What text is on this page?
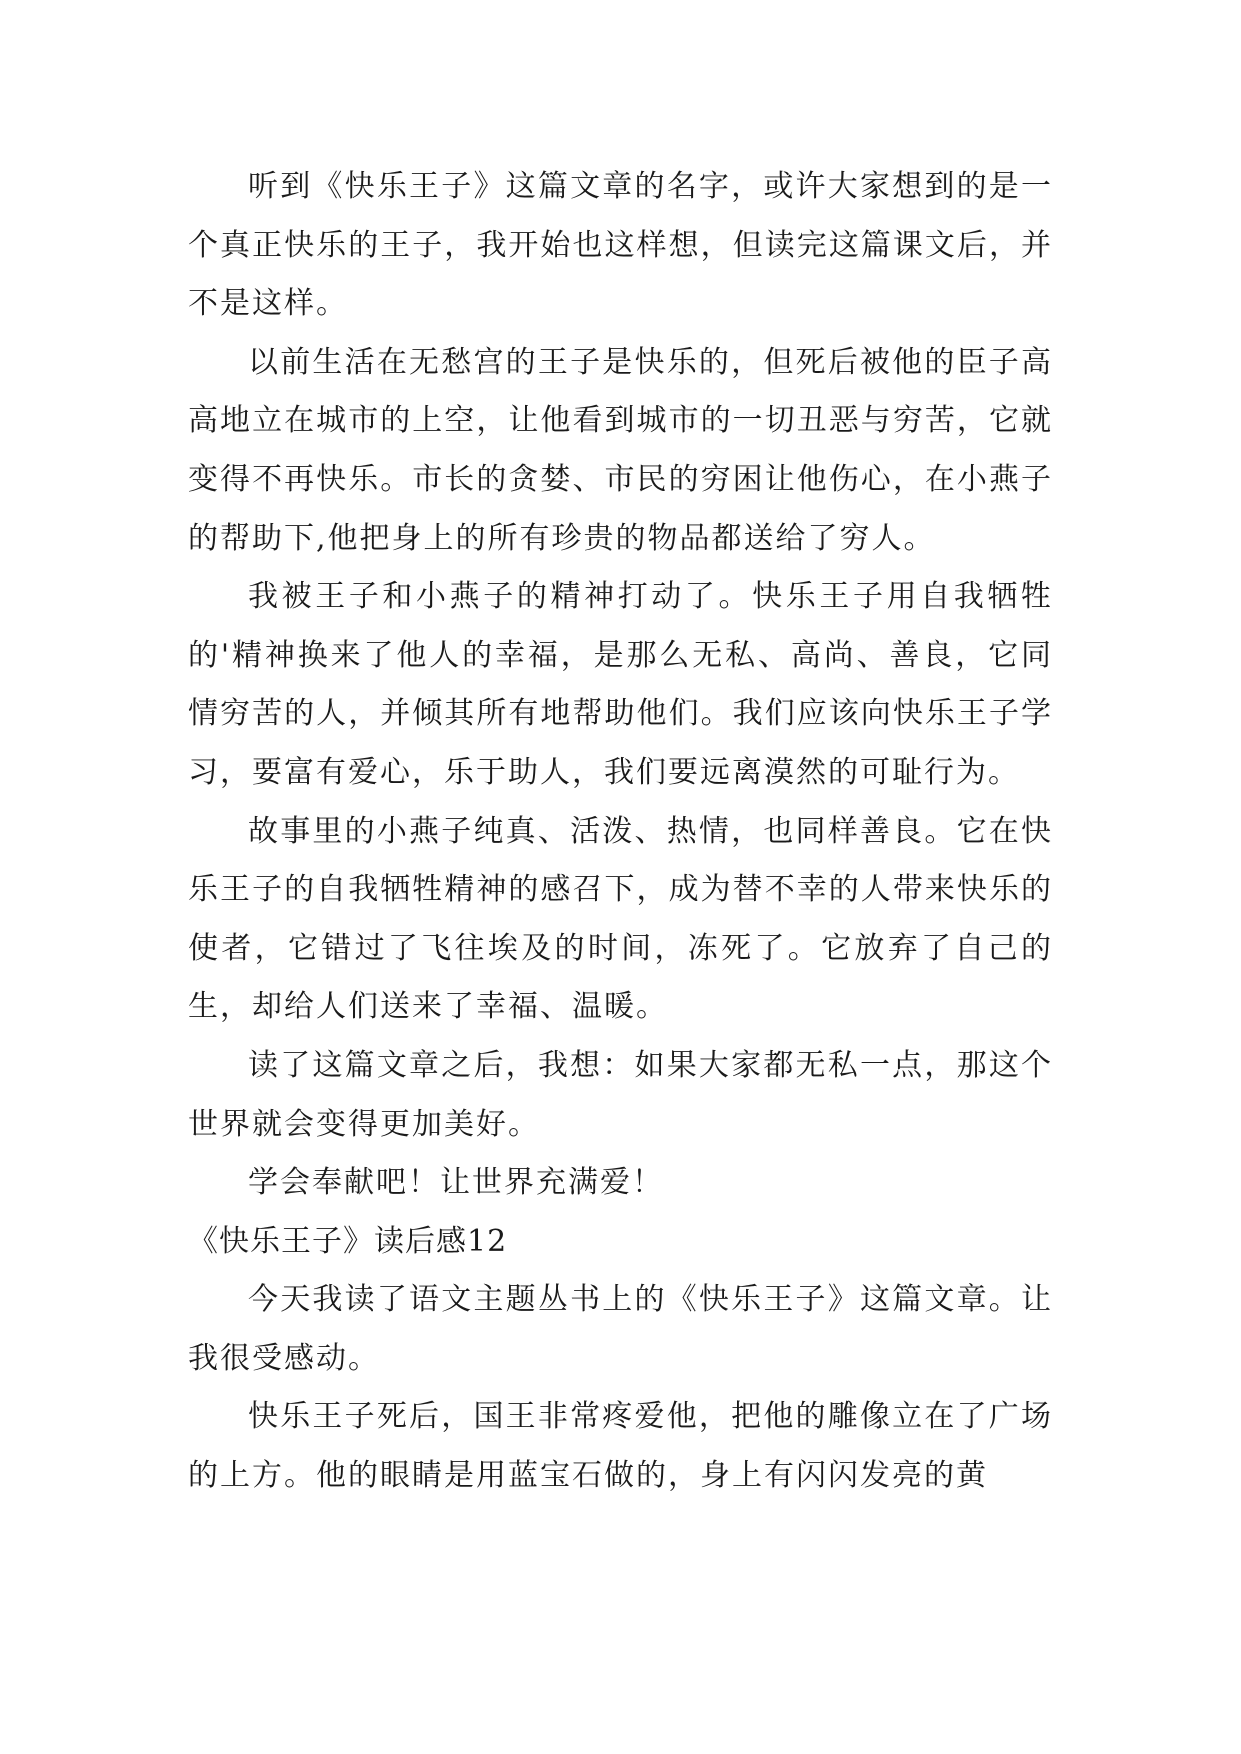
听到《快乐王子》这篇文章的名字，或许大家想到的是一个真正快乐的王子，我开始也这样想，但读完这篇课文后，并不是这样。

以前生活在无愁宫的王子是快乐的，但死后被他的臣子高高地立在城市的上空，让他看到城市的一切丑恶与穷苦，它就变得不再快乐。市长的贪婪、市民的穷困让他伤心，在小燕子的帮助下,他把身上的所有珍贵的物品都送给了穷人。

我被王子和小燕子的精神打动了。快乐王子用自我牺牲的'精神换来了他人的幸福，是那么无私、高尚、善良，它同情穷苦的人，并倾其所有地帮助他们。我们应该向快乐王子学习，要富有爱心，乐于助人，我们要远离漠然的可耻行为。

故事里的小燕子纯真、活泼、热情，也同样善良。它在快乐王子的自我牺牲精神的感召下，成为替不幸的人带来快乐的使者，它错过了飞往埃及的时间，冻死了。它放弃了自己的生，却给人们送来了幸福、温暖。

读了这篇文章之后，我想：如果大家都无私一点，那这个世界就会变得更加美好。

学会奉献吧！让世界充满爱！

《快乐王子》读后感12

今天我读了语文主题丛书上的《快乐王子》这篇文章。让我很受感动。

快乐王子死后，国王非常疼爱他，把他的雕像立在了广场的上方。他的眼睛是用蓝宝石做的，身上有闪闪发亮的黄
